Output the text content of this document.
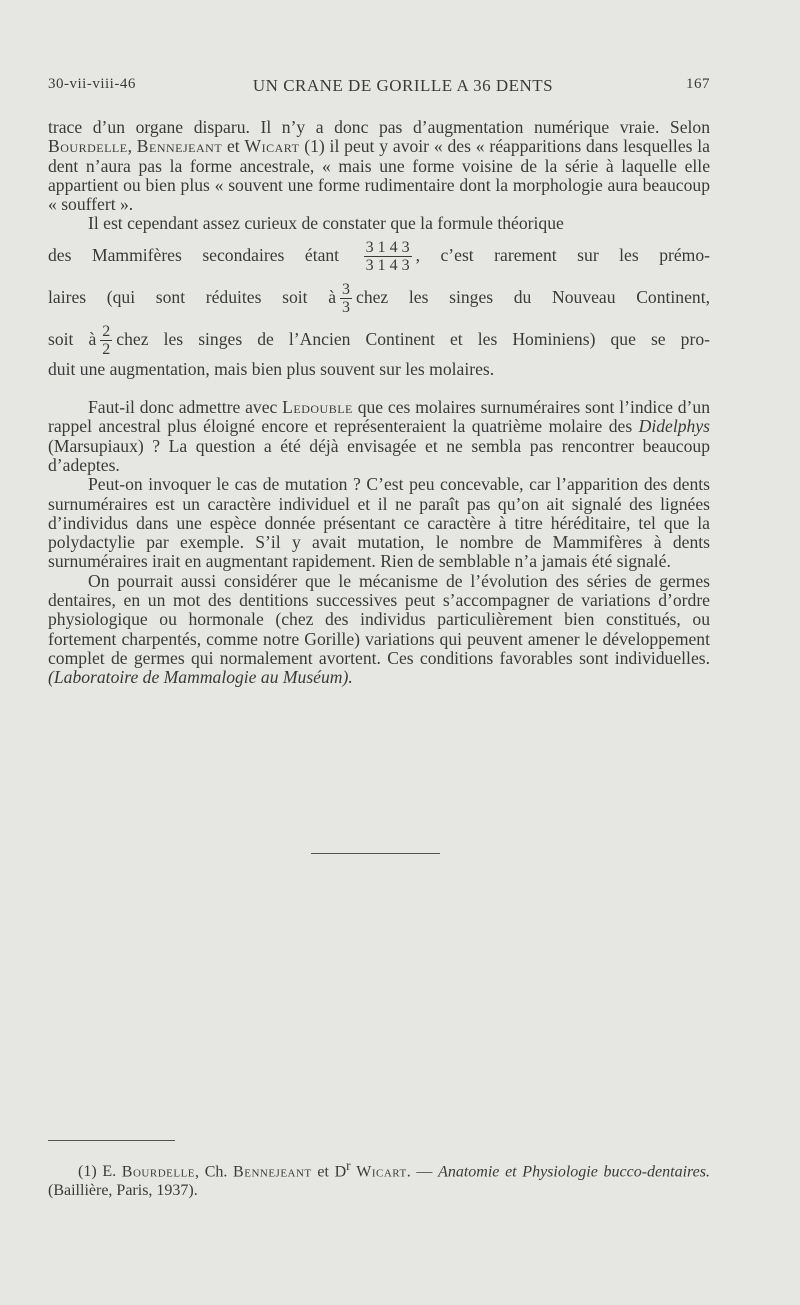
30-vii-viii-46	UN CRANE DE GORILLE A 36 DENTS	167

trace d’un organe disparu. Il n’y a donc pas d’augmentation numérique vraie. Selon Bourdelle, Bennejeant et Wicart (1) il peut y avoir « des « réapparitions dans lesquelles la dent n’aura pas la forme ancestrale, « mais une forme voisine de la série à laquelle elle appartient ou bien plus « souvent une forme rudimentaire dont la morphologie aura beaucoup « souffert ».

Il est cependant assez curieux de constater que la formule théorique

des Mammifères secondaires étant $\frac{3 1 4 3}{3 1 4 3}$ , c’est rarement sur les prémo-

laires (qui sont réduites soit à $\frac{3}{3}$ chez les singes du Nouveau Continent,

soit à $\frac{2}{2}$ chez les singes de l’Ancien Continent et les Hominiens) que se pro-

duit une augmentation, mais bien plus souvent sur les molaires.

Faut-il donc admettre avec Ledouble que ces molaires surnuméraires sont l’indice d’un rappel ancestral plus éloigné encore et représenteraient la quatrième molaire des Didelphys (Marsupiaux) ? La question a été déjà envisagée et ne sembla pas rencontrer beaucoup d’adeptes.

Peut-on invoquer le cas de mutation ? C’est peu concevable, car l’apparition des dents surnuméraires est un caractère individuel et il ne paraît pas qu’on ait signalé des lignées d’individus dans une espèce donnée présentant ce caractère à titre héréditaire, tel que la polydactylie par exemple. S’il y avait mutation, le nombre de Mammifères à dents surnuméraires irait en augmentant rapidement. Rien de semblable n’a jamais été signalé.

On pourrait aussi considérer que le mécanisme de l’évolution des séries de germes dentaires, en un mot des dentitions successives peut s’accompagner de variations d’ordre physiologique ou hormonale (chez des individus particulièrement bien constitués, ou fortement charpentés, comme notre Gorille) variations qui peuvent amener le développement complet de germes qui normalement avortent. Ces conditions favorables sont individuelles. (Laboratoire de Mammalogie au Muséum).

(1) E. Bourdelle, Ch. Bennejeant et $D^r$ Wicart. — Anatomie et Physiologie bucco-dentaires. (Baillière, Paris, 1937).
